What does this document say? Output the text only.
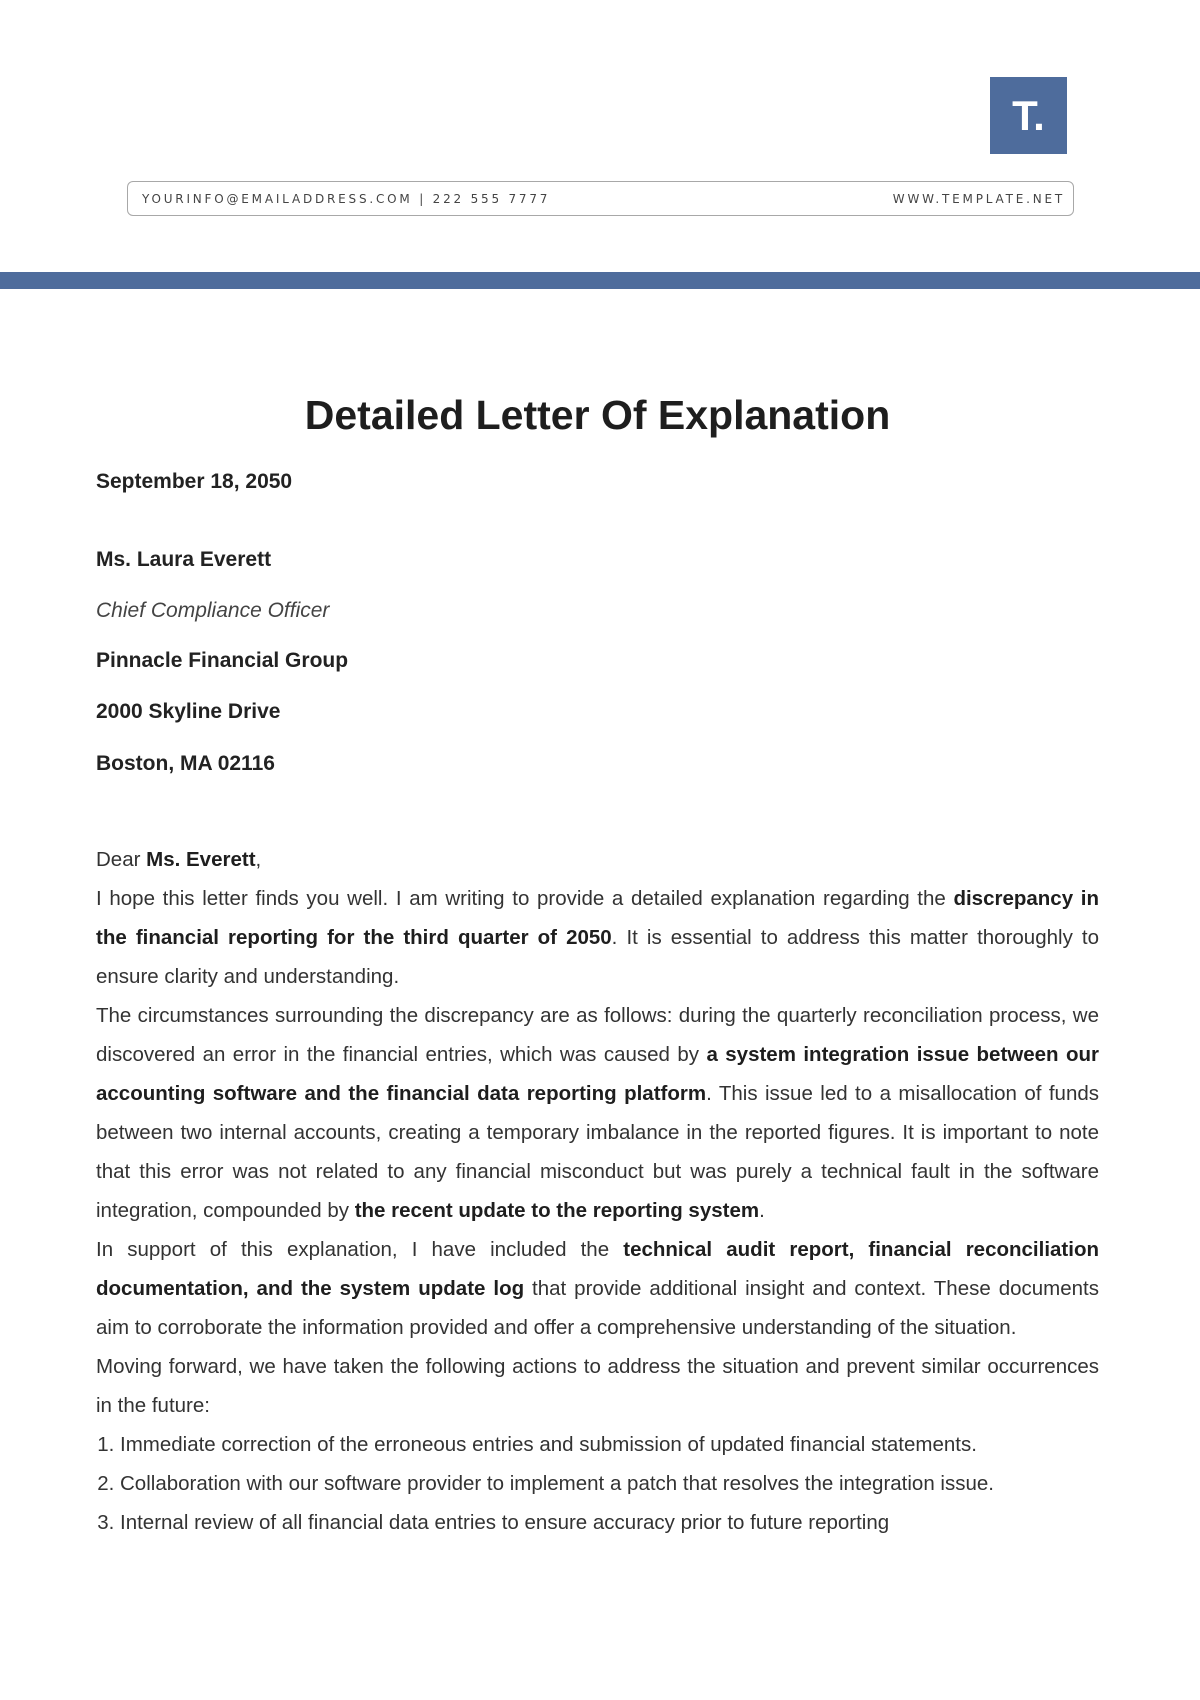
T.
YOURINFO@EMAILADDRESS.COM | 222 555 7777	WWW.TEMPLATE.NET
Detailed Letter Of Explanation
September 18, 2050
Ms. Laura Everett
Chief Compliance Officer
Pinnacle Financial Group
2000 Skyline Drive
Boston, MA 02116

Dear Ms. Everett,

I hope this letter finds you well. I am writing to provide a detailed explanation regarding the discrepancy in the financial reporting for the third quarter of 2050. It is essential to address this matter thoroughly to ensure clarity and understanding.

The circumstances surrounding the discrepancy are as follows: during the quarterly reconciliation process, we discovered an error in the financial entries, which was caused by a system integration issue between our accounting software and the financial data reporting platform. This issue led to a misallocation of funds between two internal accounts, creating a temporary imbalance in the reported figures. It is important to note that this error was not related to any financial misconduct but was purely a technical fault in the software integration, compounded by the recent update to the reporting system.

In support of this explanation, I have included the technical audit report, financial reconciliation documentation, and the system update log that provide additional insight and context. These documents aim to corroborate the information provided and offer a comprehensive understanding of the situation.

Moving forward, we have taken the following actions to address the situation and prevent similar occurrences in the future:

1. Immediate correction of the erroneous entries and submission of updated financial statements.
2. Collaboration with our software provider to implement a patch that resolves the integration issue.
3. Internal review of all financial data entries to ensure accuracy prior to future reporting
